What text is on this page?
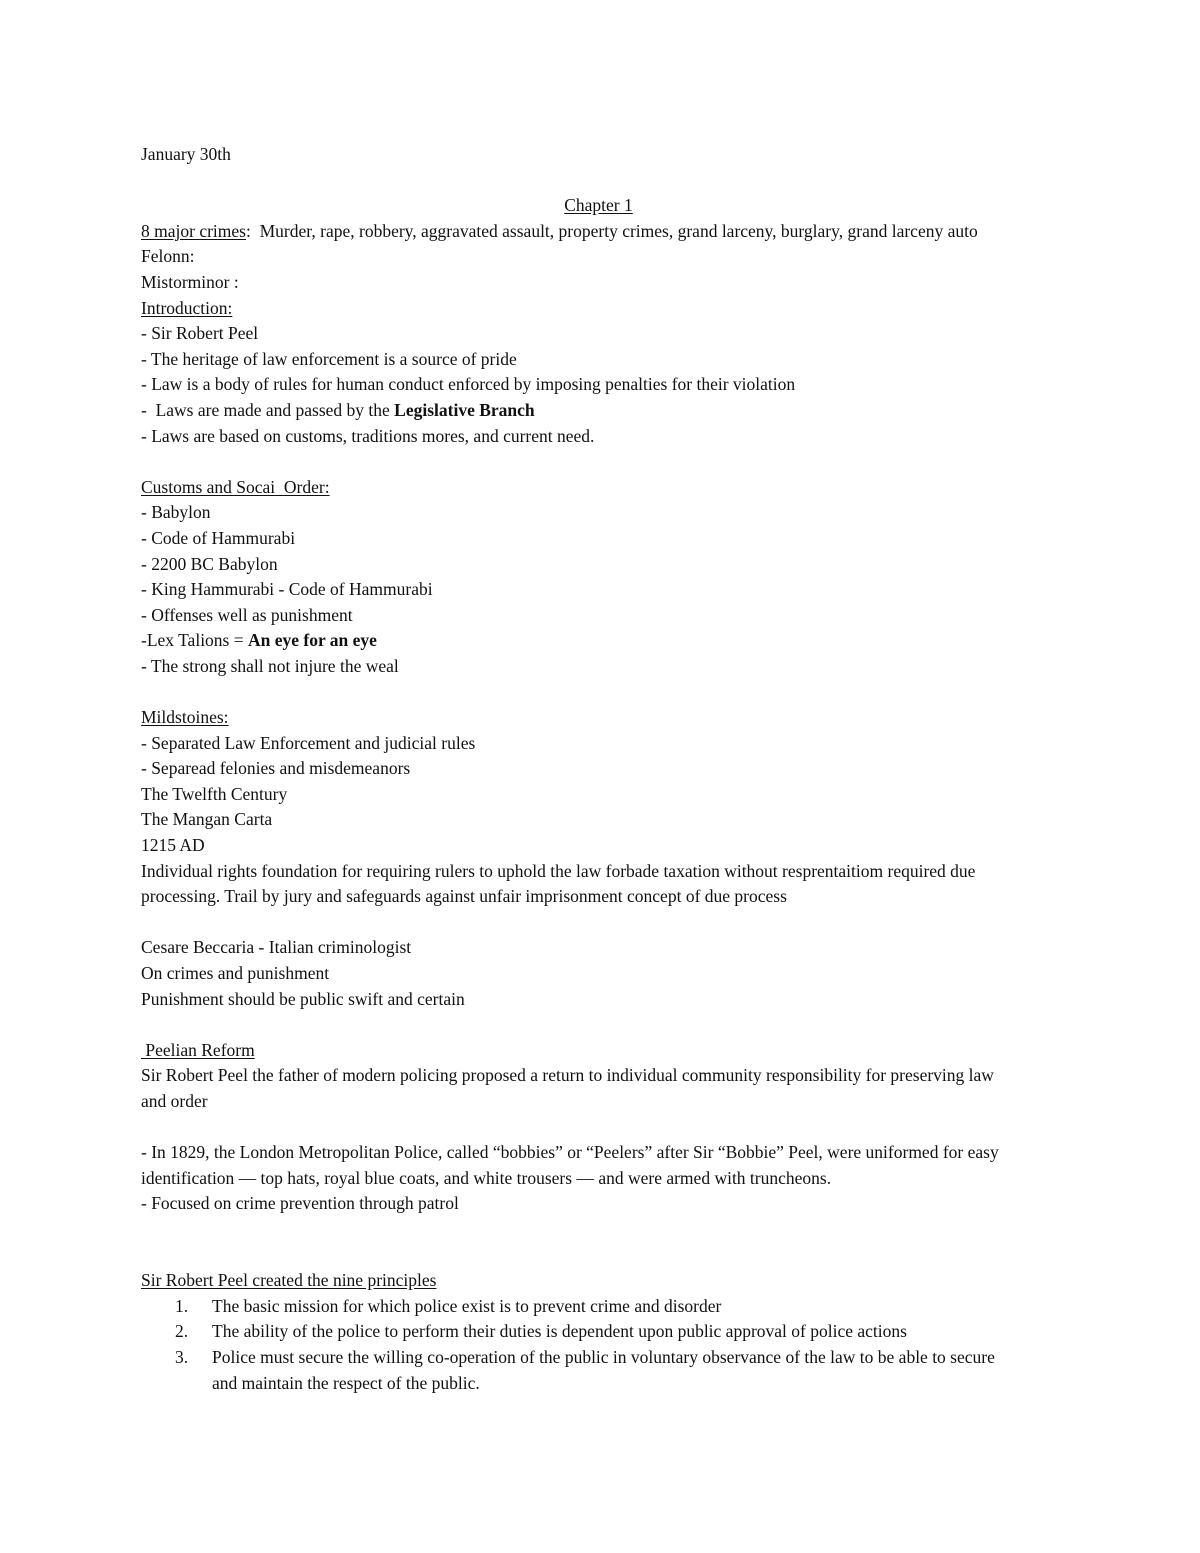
January 30th

Chapter 1

8 major crimes:  Murder, rape, robbery, aggravated assault, property crimes, grand larceny, burglary, grand larceny auto

Felonn:

Mistorminor :

Introduction:

- Sir Robert Peel

- The heritage of law enforcement is a source of pride

- Law is a body of rules for human conduct enforced by imposing penalties for their violation

-  Laws are made and passed by the Legislative Branch

- Laws are based on customs, traditions mores, and current need.

Customs and Socai  Order:

- Babylon

- Code of Hammurabi

- 2200 BC Babylon

- King Hammurabi - Code of Hammurabi

- Offenses well as punishment

-Lex Talions = An eye for an eye

- The strong shall not injure the weal

Mildstoines:

- Separated Law Enforcement and judicial rules

- Separead felonies and misdemeanors

The Twelfth Century

The Mangan Carta

1215 AD

Individual rights foundation for requiring rulers to uphold the law forbade taxation without resprentaitiom required due

processing. Trail by jury and safeguards against unfair imprisonment concept of due process

Cesare Beccaria - Italian criminologist

On crimes and punishment

Punishment should be public swift and certain

Peelian Reform

Sir Robert Peel the father of modern policing proposed a return to individual community responsibility for preserving law

and order

- In 1829, the London Metropolitan Police, called “bobbies” or “Peelers” after Sir “Bobbie” Peel, were uniformed for easy

identification — top hats, royal blue coats, and white trousers — and were armed with truncheons.

- Focused on crime prevention through patrol

Sir Robert Peel created the nine principles

1. The basic mission for which police exist is to prevent crime and disorder
2. The ability of the police to perform their duties is dependent upon public approval of police actions
3. Police must secure the willing co-operation of the public in voluntary observance of the law to be able to secure
and maintain the respect of the public.
